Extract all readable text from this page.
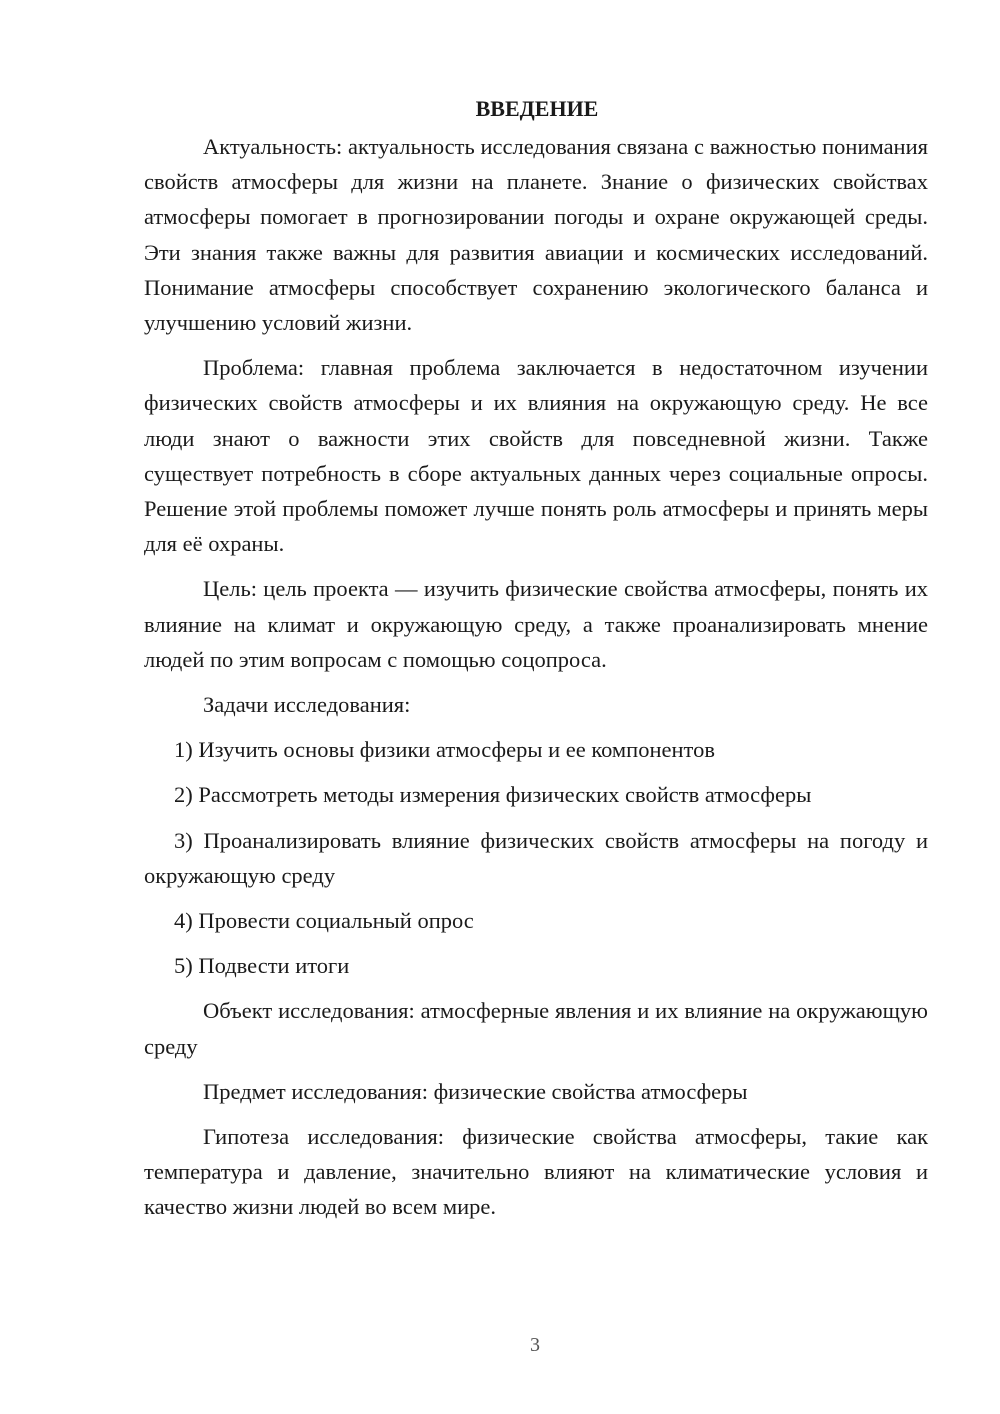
ВВЕДЕНИЕ

Актуальность: актуальность исследования связана с важностью понимания свойств атмосферы для жизни на планете. Знание о физических свойствах атмосферы помогает в прогнозировании погоды и охране окружающей среды. Эти знания также важны для развития авиации и космических исследований. Понимание атмосферы способствует сохранению экологического баланса и улучшению условий жизни.

Проблема: главная проблема заключается в недостаточном изучении физических свойств атмосферы и их влияния на окружающую среду. Не все люди знают о важности этих свойств для повседневной жизни. Также существует потребность в сборе актуальных данных через социальные опросы. Решение этой проблемы поможет лучше понять роль атмосферы и принять меры для её охраны.

Цель: цель проекта — изучить физические свойства атмосферы, понять их влияние на климат и окружающую среду, а также проанализировать мнение людей по этим вопросам с помощью соцопроса.

Задачи исследования:

1) Изучить основы физики атмосферы и ее компонентов

2) Рассмотреть методы измерения физических свойств атмосферы

3) Проанализировать влияние физических свойств атмосферы на погоду и окружающую среду

4) Провести социальный опрос

5) Подвести итоги

Объект исследования: атмосферные явления и их влияние на окружающую среду

Предмет исследования: физические свойства атмосферы

Гипотеза исследования: физические свойства атмосферы, такие как температура и давление, значительно влияют на климатические условия и качество жизни людей во всем мире.

3
